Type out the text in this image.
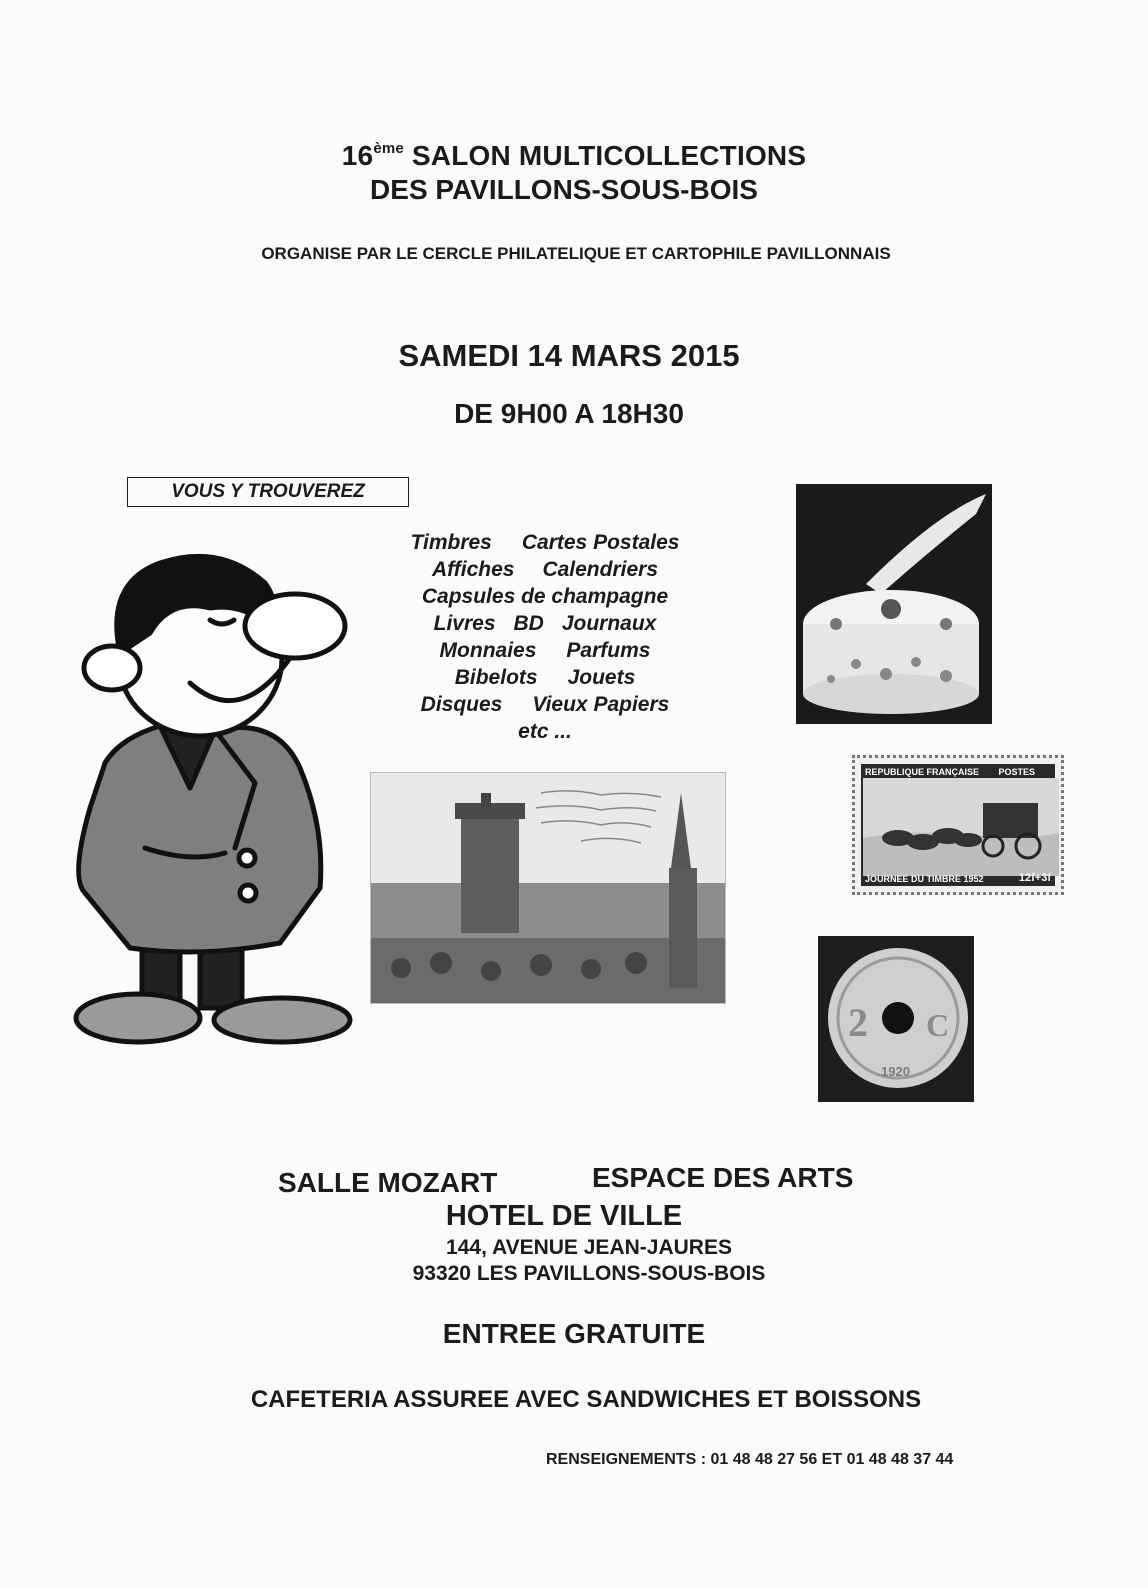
16ème SALON MULTICOLLECTIONS
DES PAVILLONS-SOUS-BOIS
ORGANISE PAR LE CERCLE PHILATELIQUE ET CARTOPHILE PAVILLONNAIS
SAMEDI 14 MARS 2015
DE 9H00 A 18H30
VOUS Y TROUVEREZ
Timbres Cartes Postales
Affiches Calendriers
Capsules de champagne
Livres BD Journaux
Monnaies Parfums
Bibelots Jouets
Disques Vieux Papiers
etc ...
REPUBLIQUE FRANÇAISE POSTES
JOURNEE DU TIMBRE 1952	12f+3f
2 C
1920
SALLE MOZART	ESPACE DES ARTS
HOTEL DE VILLE
144, AVENUE JEAN-JAURES
93320 LES PAVILLONS-SOUS-BOIS
ENTREE GRATUITE
CAFETERIA ASSUREE AVEC SANDWICHES ET BOISSONS
RENSEIGNEMENTS : 01 48 48 27 56 ET 01 48 48 37 44
